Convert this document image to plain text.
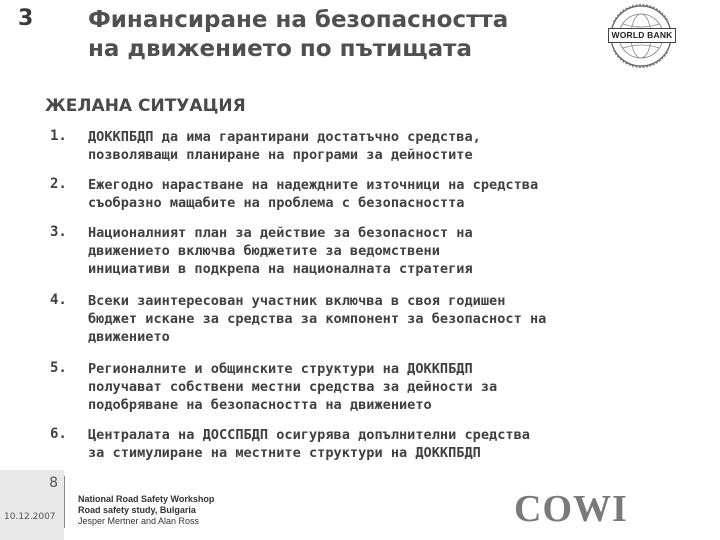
3 Финансиране на безопасността
на движението по пътищата
WORLD BANK
ЖЕЛАНА СИТУАЦИЯ
1. ДОККПБДП да има гарантирани достатъчно средства,
позволяващи планиране на програми за дейностите
2. Ежегодно нарастване на надеждните източници на средства
съобразно мащабите на проблема с безопасността
3. Националният план за действие за безопасност на
движението включва бюджетите за ведомствени
инициативи в подкрепа на националната стратегия
4. Всеки заинтересован участник включва в своя годишен
бюджет искане за средства за компонент за безопасност на
движението
5. Регионалните и общинските структури на ДОККПБДП
получават собствени местни средства за дейности за
подобряване на безопасността на движението
6. Централата на ДОССПБДП осигурява допълнителни средства
за стимулиране на местните структури на ДОККПБДП
8
10.12.2007
National Road Safety Workshop
Road safety study, Bulgaria
Jesper Mertner and Alan Ross	COWI
